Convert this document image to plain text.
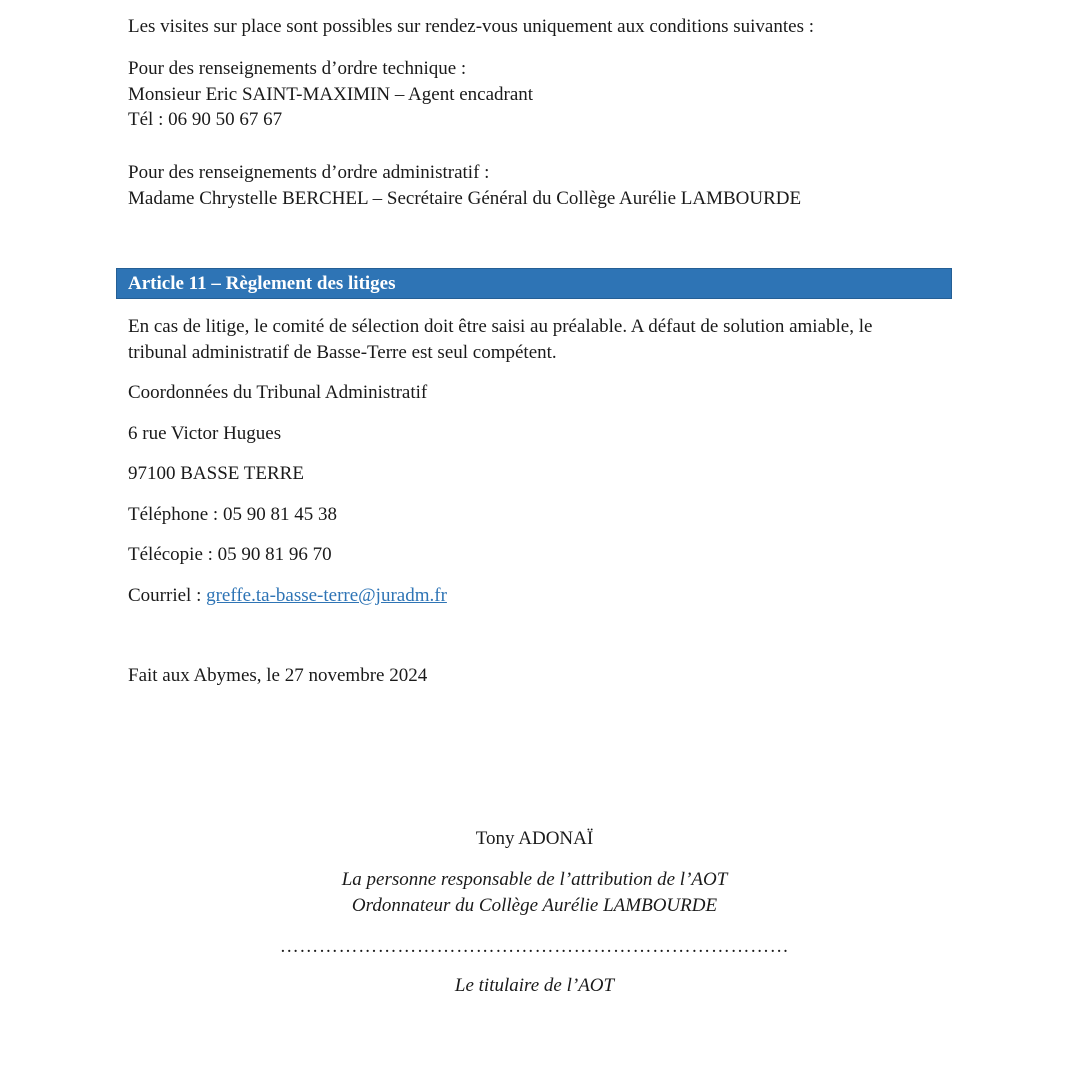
Les visites sur place sont possibles sur rendez-vous uniquement aux conditions suivantes :
Pour des renseignements d’ordre technique :
Monsieur Eric SAINT-MAXIMIN – Agent encadrant
Tél : 06 90 50 67 67
Pour des renseignements d’ordre administratif :
Madame Chrystelle BERCHEL – Secrétaire Général du Collège Aurélie LAMBOURDE
Article 11 – Règlement des litiges
En cas de litige, le comité de sélection doit être saisi au préalable. A défaut de solution amiable, le
tribunal administratif de Basse-Terre est seul compétent.
Coordonnées du Tribunal Administratif
6 rue Victor Hugues
97100 BASSE TERRE
Téléphone : 05 90 81 45 38
Télécopie : 05 90 81 96 70
Courriel : greffe.ta-basse-terre@juradm.fr
Fait aux Abymes, le 27 novembre 2024
Tony ADONAÏ
La personne responsable de l’attribution de l’AOT
Ordonnateur du Collège Aurélie LAMBOURDE
……………………………………………………………………
Le titulaire de l’AOT
